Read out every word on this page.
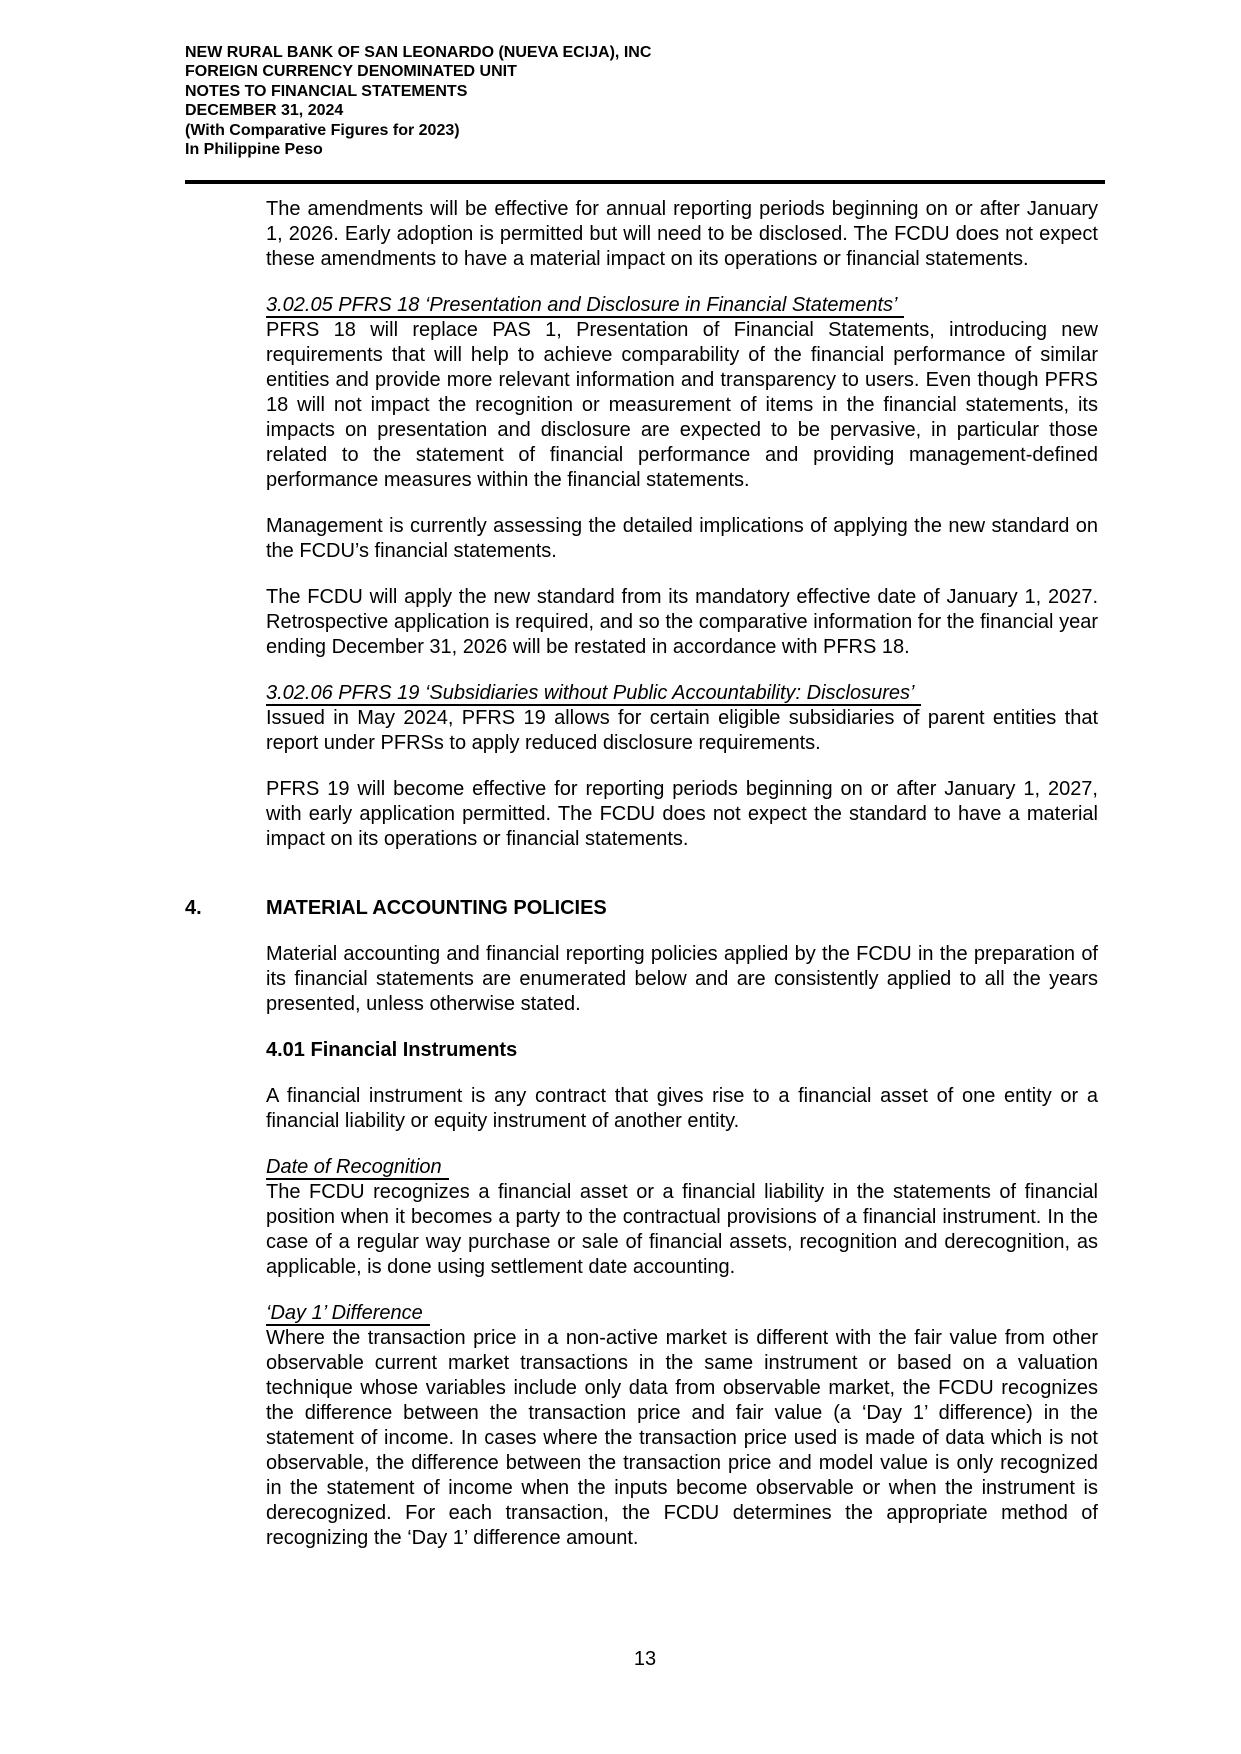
NEW RURAL BANK OF SAN LEONARDO (NUEVA ECIJA), INC
FOREIGN CURRENCY DENOMINATED UNIT
NOTES TO FINANCIAL STATEMENTS
DECEMBER 31, 2024
(With Comparative Figures for 2023)
In Philippine Peso

The amendments will be effective for annual reporting periods beginning on or after January 1, 2026. Early adoption is permitted but will need to be disclosed. The FCDU does not expect these amendments to have a material impact on its operations or financial statements.

3.02.05 PFRS 18 ‘Presentation and Disclosure in Financial Statements’

PFRS 18 will replace PAS 1, Presentation of Financial Statements, introducing new requirements that will help to achieve comparability of the financial performance of similar entities and provide more relevant information and transparency to users. Even though PFRS 18 will not impact the recognition or measurement of items in the financial statements, its impacts on presentation and disclosure are expected to be pervasive, in particular those related to the statement of financial performance and providing management-defined performance measures within the financial statements.

Management is currently assessing the detailed implications of applying the new standard on the FCDU’s financial statements.

The FCDU will apply the new standard from its mandatory effective date of January 1, 2027. Retrospective application is required, and so the comparative information for the financial year ending December 31, 2026 will be restated in accordance with PFRS 18.

3.02.06 PFRS 19 ‘Subsidiaries without Public Accountability: Disclosures’

Issued in May 2024, PFRS 19 allows for certain eligible subsidiaries of parent entities that report under PFRSs to apply reduced disclosure requirements.

PFRS 19 will become effective for reporting periods beginning on or after January 1, 2027, with early application permitted. The FCDU does not expect the standard to have a material impact on its operations or financial statements.

4.	MATERIAL ACCOUNTING POLICIES

Material accounting and financial reporting policies applied by the FCDU in the preparation of its financial statements are enumerated below and are consistently applied to all the years presented, unless otherwise stated.

4.01 Financial Instruments

A financial instrument is any contract that gives rise to a financial asset of one entity or a financial liability or equity instrument of another entity.

Date of Recognition

The FCDU recognizes a financial asset or a financial liability in the statements of financial position when it becomes a party to the contractual provisions of a financial instrument. In the case of a regular way purchase or sale of financial assets, recognition and derecognition, as applicable, is done using settlement date accounting.

‘Day 1’ Difference

Where the transaction price in a non-active market is different with the fair value from other observable current market transactions in the same instrument or based on a valuation technique whose variables include only data from observable market, the FCDU recognizes the difference between the transaction price and fair value (a ‘Day 1’ difference) in the statement of income. In cases where the transaction price used is made of data which is not observable, the difference between the transaction price and model value is only recognized in the statement of income when the inputs become observable or when the instrument is derecognized. For each transaction, the FCDU determines the appropriate method of recognizing the ‘Day 1’ difference amount.

13
